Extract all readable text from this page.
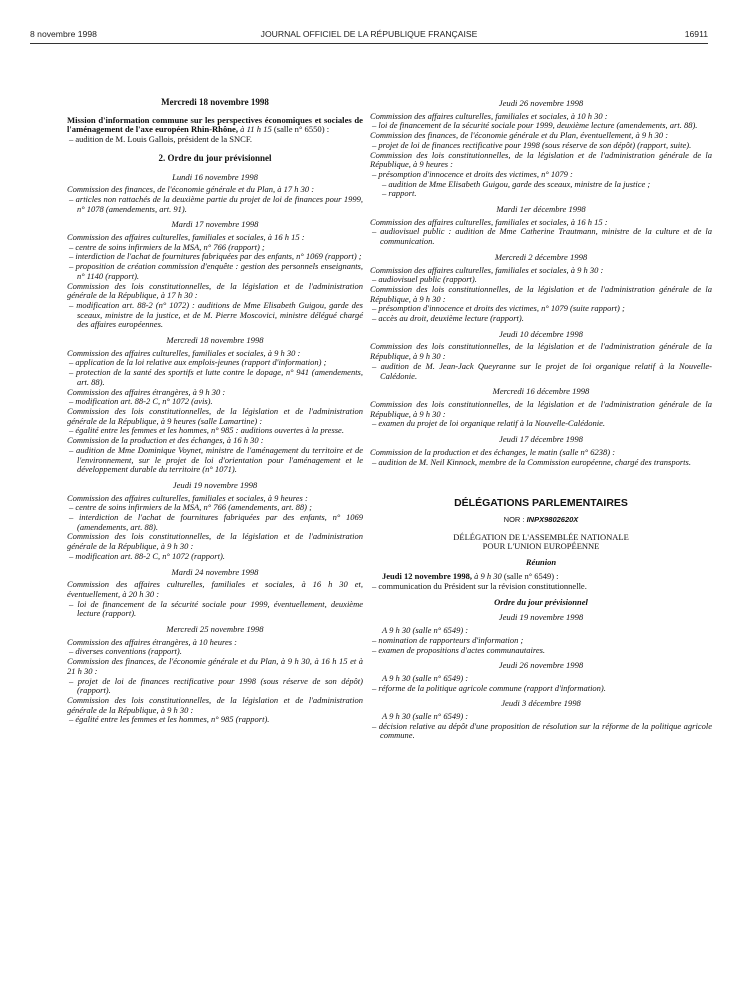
8 novembre 1998	JOURNAL OFFICIEL DE LA RÉPUBLIQUE FRANÇAISE	16911
Mercredi 18 novembre 1998
Mission d'information commune sur les perspectives économiques et sociales de l'aménagement de l'axe européen Rhin-Rhône, à 11 h 15 (salle n° 6550) :
– audition de M. Louis Gallois, président de la SNCF.
2. Ordre du jour prévisionnel
Lundi 16 novembre 1998
Commission des finances, de l'économie générale et du Plan, à 17 h 30 :
– articles non rattachés de la deuxième partie du projet de loi de finances pour 1999, n° 1078 (amendements, art. 91).
Mardi 17 novembre 1998
Commission des affaires culturelles, familiales et sociales, à 16 h 15 :
– centre de soins infirmiers de la MSA, n° 766 (rapport) ;
– interdiction de l'achat de fournitures fabriquées par des enfants, n° 1069 (rapport) ;
– proposition de création commission d'enquête : gestion des personnels enseignants, n° 1140 (rapport).
Commission des lois constitutionnelles, de la législation et de l'administration générale de la République, à 17 h 30 :
– modification art. 88-2 (n° 1072) : auditions de Mme Elisabeth Guigou, garde des sceaux, ministre de la justice, et de M. Pierre Moscovici, ministre délégué chargé des affaires européennes.
Mercredi 18 novembre 1998
Commission des affaires culturelles, familiales et sociales, à 9 h 30 :
– application de la loi relative aux emplois-jeunes (rapport d'information) ;
– protection de la santé des sportifs et lutte contre le dopage, n° 941 (amendements, art. 88).
Commission des affaires étrangères, à 9 h 30 :
– modification art. 88-2 C, n° 1072 (avis).
Commission des lois constitutionnelles, de la législation et de l'administration générale de la République, à 9 heures (salle Lamartine) :
– égalité entre les femmes et les hommes, n° 985 : auditions ouvertes à la presse.
Commission de la production et des échanges, à 16 h 30 :
– audition de Mme Dominique Voynet, ministre de l'aménagement du territoire et de l'environnement, sur le projet de loi d'orientation pour l'aménagement et le développement durable du territoire (n° 1071).
Jeudi 19 novembre 1998
Commission des affaires culturelles, familiales et sociales, à 9 heures :
– centre de soins infirmiers de la MSA, n° 766 (amendements, art. 88) ;
– interdiction de l'achat de fournitures fabriquées par des enfants, n° 1069 (amendements, art. 88).
Commission des lois constitutionnelles, de la législation et de l'administration générale de la République, à 9 h 30 :
– modification art. 88-2 C, n° 1072 (rapport).
Mardi 24 novembre 1998
Commission des affaires culturelles, familiales et sociales, à 16 h 30 et, éventuellement, à 20 h 30 :
– loi de financement de la sécurité sociale pour 1999, éventuellement, deuxième lecture (rapport).
Mercredi 25 novembre 1998
Commission des affaires étrangères, à 10 heures :
– diverses conventions (rapport).
Commission des finances, de l'économie générale et du Plan, à 9 h 30, à 16 h 15 et à 21 h 30 :
– projet de loi de finances rectificative pour 1998 (sous réserve de son dépôt) (rapport).
Commission des lois constitutionnelles, de la législation et de l'administration générale de la République, à 9 h 30 :
– égalité entre les femmes et les hommes, n° 985 (rapport).
Jeudi 26 novembre 1998
Commission des affaires culturelles, familiales et sociales, à 10 h 30 :
– loi de financement de la sécurité sociale pour 1999, deuxième lecture (amendements, art. 88).
Commission des finances, de l'économie générale et du Plan, éventuellement, à 9 h 30 :
– projet de loi de finances rectificative pour 1998 (sous réserve de son dépôt) (rapport, suite).
Commission des lois constitutionnelles, de la législation et de l'administration générale de la République, à 9 heures :
– présomption d'innocence et droits des victimes, n° 1079 :
– audition de Mme Elisabeth Guigou, garde des sceaux, ministre de la justice ;
– rapport.
Mardi 1er décembre 1998
Commission des affaires culturelles, familiales et sociales, à 16 h 15 :
– audiovisuel public : audition de Mme Catherine Trautmann, ministre de la culture et de la communication.
Mercredi 2 décembre 1998
Commission des affaires culturelles, familiales et sociales, à 9 h 30 :
– audiovisuel public (rapport).
Commission des lois constitutionnelles, de la législation et de l'administration générale de la République, à 9 h 30 :
– présomption d'innocence et droits des victimes, n° 1079 (suite rapport) ;
– accès au droit, deuxième lecture (rapport).
Jeudi 10 décembre 1998
Commission des lois constitutionnelles, de la législation et de l'administration générale de la République, à 9 h 30 :
– audition de M. Jean-Jack Queyranne sur le projet de loi organique relatif à la Nouvelle-Calédonie.
Mercredi 16 décembre 1998
Commission des lois constitutionnelles, de la législation et de l'administration générale de la République, à 9 h 30 :
– examen du projet de loi organique relatif à la Nouvelle-Calédonie.
Jeudi 17 décembre 1998
Commission de la production et des échanges, le matin (salle n° 6238) :
– audition de M. Neil Kinnock, membre de la Commission européenne, chargé des transports.
DÉLÉGATIONS PARLEMENTAIRES
NOR : INPX9802620X
DÉLÉGATION DE L'ASSEMBLÉE NATIONALE
POUR L'UNION EUROPÉENNE
Réunion
Jeudi 12 novembre 1998, à 9 h 30 (salle n° 6549) :
– communication du Président sur la révision constitutionnelle.
Ordre du jour prévisionnel
Jeudi 19 novembre 1998
A 9 h 30 (salle n° 6549) :
– nomination de rapporteurs d'information ;
– examen de propositions d'actes communautaires.
Jeudi 26 novembre 1998
A 9 h 30 (salle n° 6549) :
– réforme de la politique agricole commune (rapport d'information).
Jeudi 3 décembre 1998
A 9 h 30 (salle n° 6549) :
– décision relative au dépôt d'une proposition de résolution sur la réforme de la politique agricole commune.
